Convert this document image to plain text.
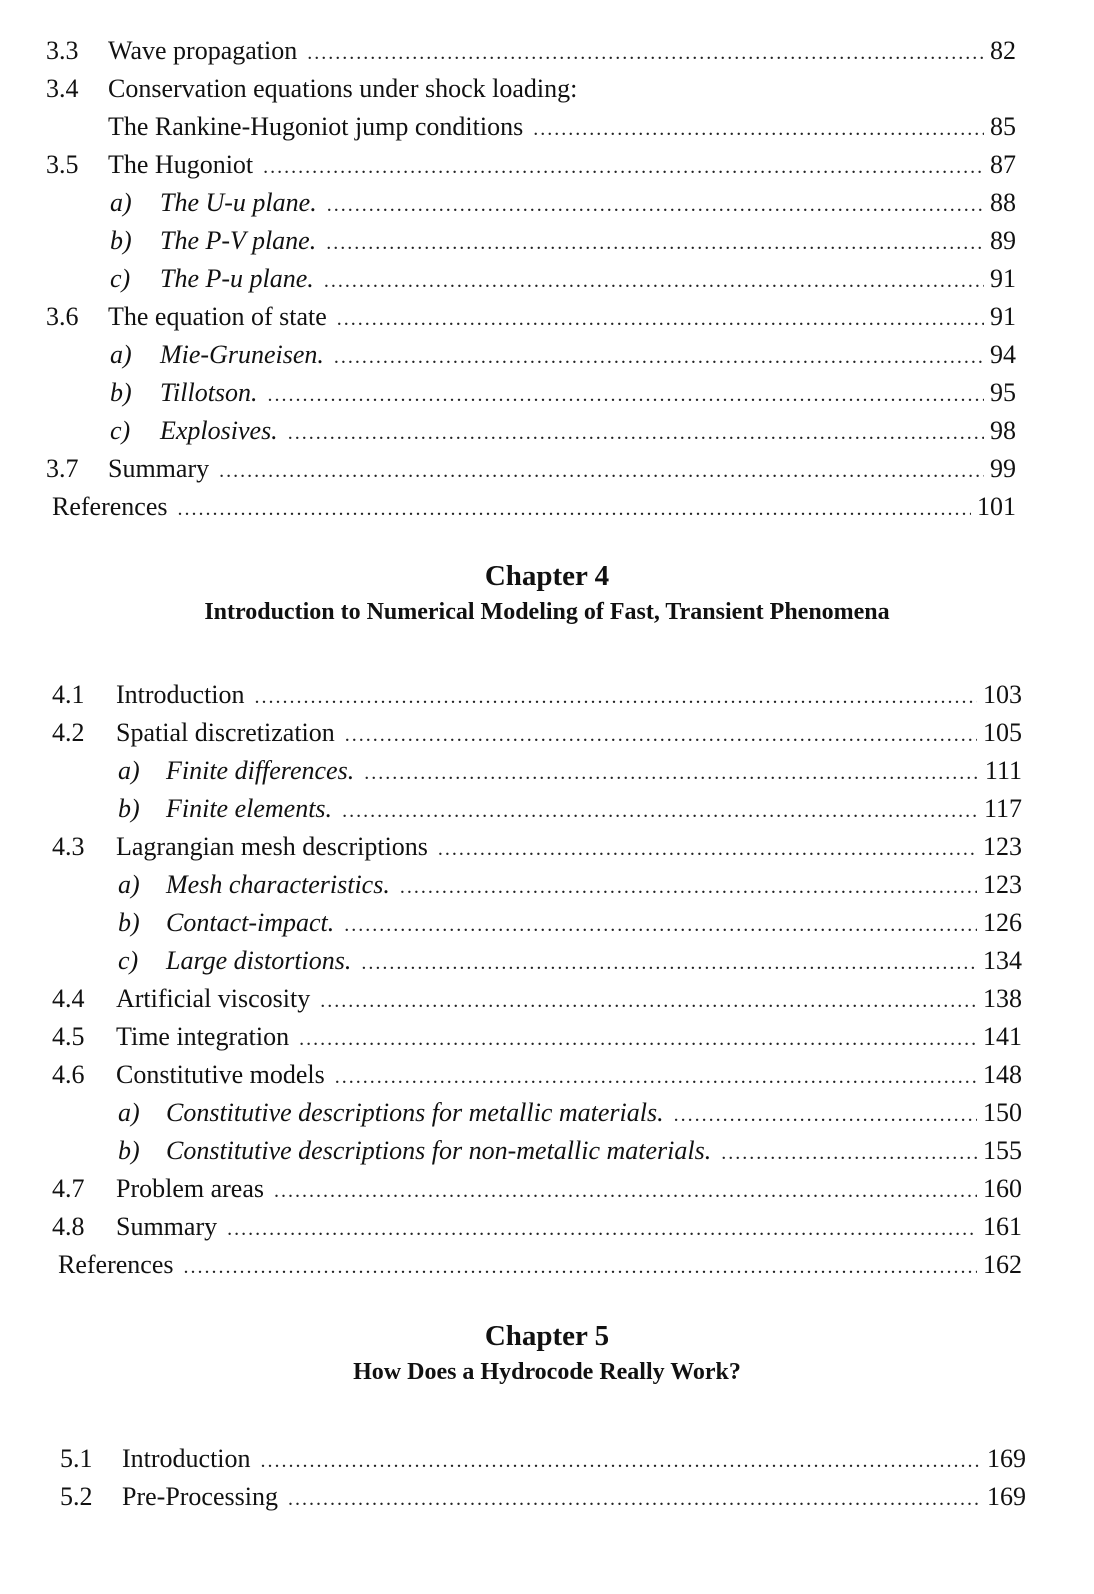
3.3 Wave propagation .....	82
3.4 Conservation equations under shock loading:
The Rankine-Hugoniot jump conditions .....	85
3.5 The Hugoniot .....	87
a) The U-u plane. .....	88
b) The P-V plane. .....	89
c) The P-u plane. .....	91
3.6 The equation of state .....	91
a) Mie-Gruneisen. .....	94
b) Tillotson. .....	95
c) Explosives. .....	98
3.7 Summary .....	99
References .....	101
Chapter 4
Introduction to Numerical Modeling of Fast, Transient Phenomena
4.1 Introduction .....	103
4.2 Spatial discretization .....	105
a) Finite differences. .....	111
b) Finite elements. .....	117
4.3 Lagrangian mesh descriptions .....	123
a) Mesh characteristics. .....	123
b) Contact-impact. .....	126
c) Large distortions. .....	134
4.4 Artificial viscosity .....	138
4.5 Time integration .....	141
4.6 Constitutive models .....	148
a) Constitutive descriptions for metallic materials. .....	150
b) Constitutive descriptions for non-metallic materials. .....	155
4.7 Problem areas .....	160
4.8 Summary .....	161
References .....	162
Chapter 5
How Does a Hydrocode Really Work?
5.1 Introduction .....	169
5.2 Pre-Processing .....	169
